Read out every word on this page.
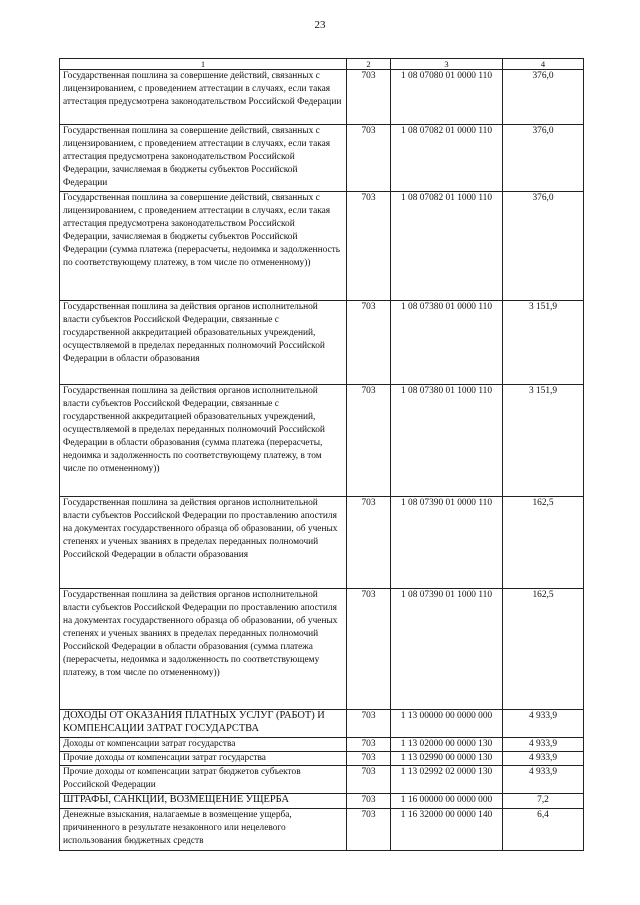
23
1	2	3	4
Государственная пошлина за совершение действий, связанных с лицензированием, с проведением аттестации в случаях, если такая аттестация предусмотрена законодательством Российской Федерации	703	1 08 07080 01 0000 110	376,0
Государственная пошлина за совершение действий, связанных с лицензированием, с проведением аттестации в случаях, если такая аттестация предусмотрена законодательством Российской Федерации, зачисляемая в бюджеты субъектов Российской Федерации	703	1 08 07082 01 0000 110	376,0
Государственная пошлина за совершение действий, связанных с лицензированием, с проведением аттестации в случаях, если такая аттестация предусмотрена законодательством Российской Федерации, зачисляемая в бюджеты субъектов Российской Федерации (сумма платежа (перерасчеты, недоимка и задолженность по соответствующему платежу, в том числе по отмененному))	703	1 08 07082 01 1000 110	376,0
Государственная пошлина за действия органов исполнительной власти субъектов Российской Федерации, связанные с государственной аккредитацией образовательных учреждений, осуществляемой в пределах переданных полномочий Российской Федерации в области образования	703	1 08 07380 01 0000 110	3 151,9
Государственная пошлина за действия органов исполнительной власти субъектов Российской Федерации, связанные с государственной аккредитацией образовательных учреждений, осуществляемой в пределах переданных полномочий Российской Федерации в области образования (сумма платежа (перерасчеты, недоимка и задолженность по соответствующему платежу, в том числе по отмененному))	703	1 08 07380 01 1000 110	3 151,9
Государственная пошлина за действия органов исполнительной власти субъектов Российской Федерации по проставлению апостиля на документах государственного образца об образовании, об ученых степенях и ученых званиях в пределах переданных полномочий Российской Федерации в области образования	703	1 08 07390 01 0000 110	162,5
Государственная пошлина за действия органов исполнительной власти субъектов Российской Федерации по проставлению апостиля на документах государственного образца об образовании, об ученых степенях и ученых званиях в пределах переданных полномочий Российской Федерации в области образования (сумма платежа (перерасчеты, недоимка и задолженность по соответствующему платежу, в том числе по отмененному))	703	1 08 07390 01 1000 110	162,5
ДОХОДЫ ОТ ОКАЗАНИЯ ПЛАТНЫХ УСЛУГ (РАБОТ) И КОМПЕНСАЦИИ ЗАТРАТ ГОСУДАРСТВА	703	1 13 00000 00 0000 000	4 933,9
Доходы от компенсации затрат государства	703	1 13 02000 00 0000 130	4 933,9
Прочие доходы от компенсации затрат государства	703	1 13 02990 00 0000 130	4 933,9
Прочие доходы от компенсации затрат бюджетов субъектов Российской Федерации	703	1 13 02992 02 0000 130	4 933,9
ШТРАФЫ, САНКЦИИ, ВОЗМЕЩЕНИЕ УЩЕРБА	703	1 16 00000 00 0000 000	7,2
Денежные взыскания, налагаемые в возмещение ущерба, причиненного в результате незаконного или нецелевого использования бюджетных средств	703	1 16 32000 00 0000 140	6,4
